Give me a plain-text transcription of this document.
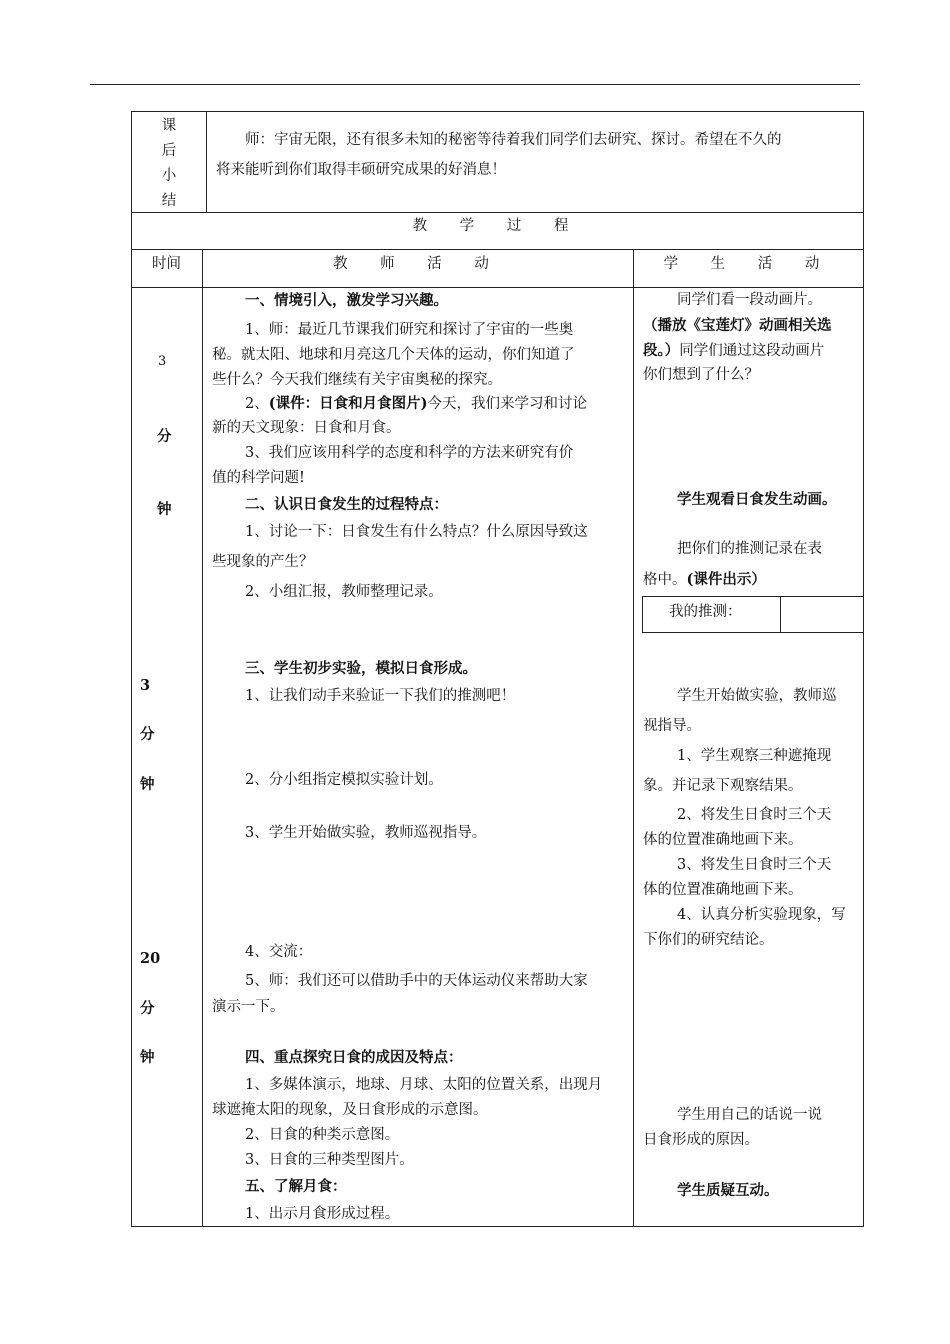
课
后
小
结
师：宇宙无限，还有很多未知的秘密等待着我们同学们去研究、探讨。希望在不久的
将来能听到你们取得丰硕研究成果的好消息！
教 学 过 程
时间	教 师 活 动	学 生 活 动
3
分
钟
3
分
钟
20
分
钟
一、情境引入，激发学习兴趣。
1、师：最近几节课我们研究和探讨了宇宙的一些奥
秘。就太阳、地球和月亮这几个天体的运动，你们知道了
些什么？今天我们继续有关宇宙奥秘的探究。
2、(课件：日食和月食图片)今天，我们来学习和讨论
新的天文现象：日食和月食。
3、我们应该用科学的态度和科学的方法来研究有价
值的科学问题!
二、认识日食发生的过程特点：
1、讨论一下：日食发生有什么特点？什么原因导致这
些现象的产生？
2、小组汇报，教师整理记录。
三、学生初步实验，模拟日食形成。
1、让我们动手来验证一下我们的推测吧！
2、分小组指定模拟实验计划。
3、学生开始做实验，教师巡视指导。
4、交流：
5、师：我们还可以借助手中的天体运动仪来帮助大家
演示一下。
四、重点探究日食的成因及特点：
1、多媒体演示，地球、月球、太阳的位置关系，出现月
球遮掩太阳的现象，及日食形成的示意图。
2、日食的种类示意图。
3、日食的三种类型图片。
五、了解月食：
1、出示月食形成过程。
同学们看一段动画片。
（播放《宝莲灯》动画相关选
段。）同学们通过这段动画片
你们想到了什么？
学生观看日食发生动画。
把你们的推测记录在表
格中。(课件出示）
我的推测：
学生开始做实验，教师巡
视指导。
1、学生观察三种遮掩现
象。并记录下观察结果。
2、将发生日食时三个天
体的位置准确地画下来。
3、将发生日食时三个天
体的位置准确地画下来。
4、认真分析实验现象，写
下你们的研究结论。
学生用自己的话说一说
日食形成的原因。
学生质疑互动。
